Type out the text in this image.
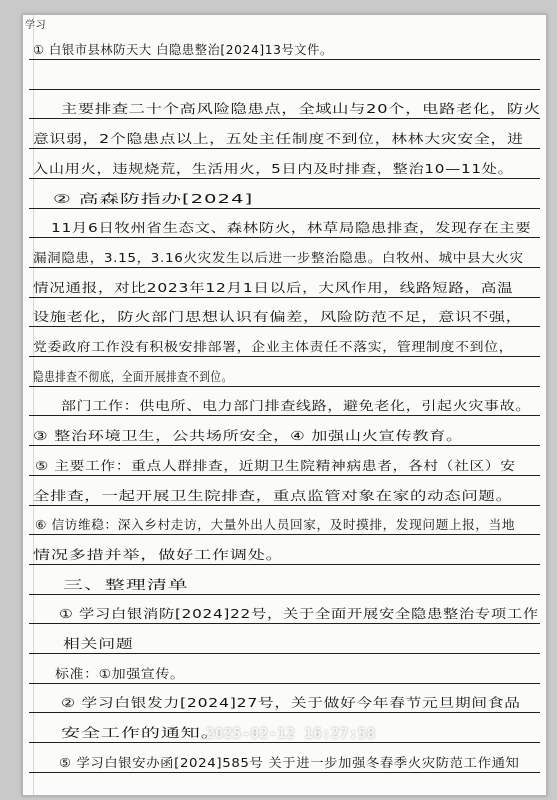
学习
① 白银市县林防天大 白隐患整治[2024]13号文件。
主要排查二十个高风险隐患点，全域山与20个，电路老化，防火
意识弱，2个隐患点以上，五处主任制度不到位，林林大灾安全，进
入山用火，违规烧荒，生活用火，5日内及时排查，整治10—11处。
② 高森防指办[2024]
11月6日牧州省生态文、森林防火，林草局隐患排查，发现存在主要
漏洞隐患，3.15，3.16火灾发生以后进一步整治隐患。白牧州、城中县大火灾
情况通报，对比2023年12月1日以后，大风作用，线路短路，高温
设施老化，防火部门思想认识有偏差，风险防范不足，意识不强，
党委政府工作没有积极安排部署，企业主体责任不落实，管理制度不到位，
隐患排查不彻底，全面开展排查不到位。
部门工作：供电所、电力部门排查线路，避免老化，引起火灾事故。
③ 整治环境卫生，公共场所安全，④ 加强山火宣传教育。
⑤ 主要工作：重点人群排查，近期卫生院精神病患者，各村（社区）安
全排查，一起开展卫生院排查，重点监管对象在家的动态问题。
⑥ 信访维稳：深入乡村走访，大量外出人员回家，及时摸排，发现问题上报，当地
情况多措并举，做好工作调处。
三、整理清单
① 学习白银消防[2024]22号，关于全面开展安全隐患整治专项工作
相关问题
标准：①加强宣传。
② 学习白银发力[2024]27号，关于做好今年春节元旦期间食品
安全工作的通知。
⑤ 学习白银安办函[2024]585号 关于进一步加强冬春季火灾防范工作通知
2025-02-12 16:27:58
